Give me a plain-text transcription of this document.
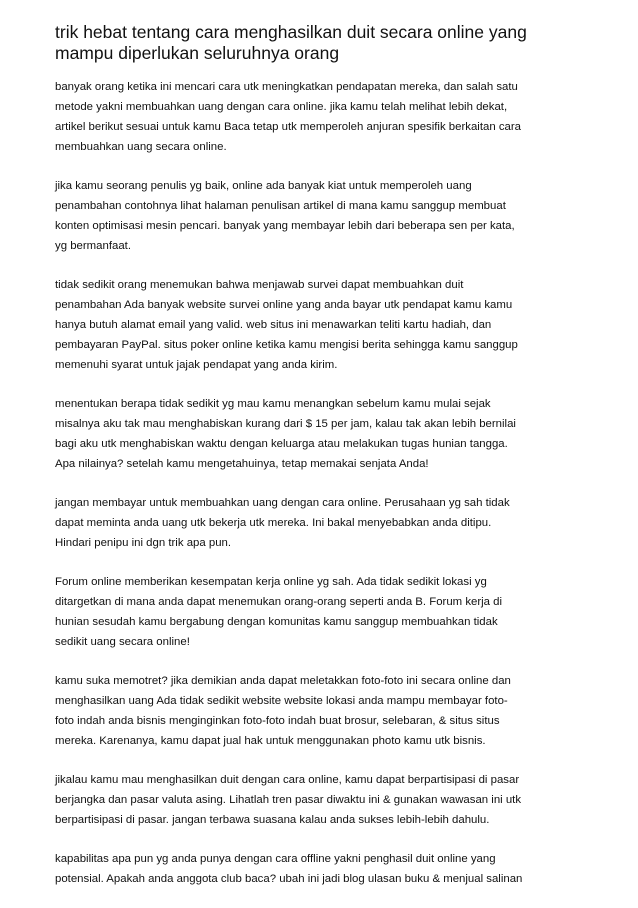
trik hebat tentang cara menghasilkan duit secara online yang
mampu diperlukan seluruhnya orang

banyak orang ketika ini mencari cara utk meningkatkan pendapatan mereka, dan salah satu
metode yakni membuahkan uang dengan cara online. jika kamu telah melihat lebih dekat,
artikel berikut sesuai untuk kamu Baca tetap utk memperoleh anjuran spesifik berkaitan cara
membuahkan uang secara online.

jika kamu seorang penulis yg baik, online ada banyak kiat untuk memperoleh uang
penambahan contohnya lihat halaman penulisan artikel di mana kamu sanggup membuat
konten optimisasi mesin pencari. banyak yang membayar lebih dari beberapa sen per kata,
yg bermanfaat.

tidak sedikit orang menemukan bahwa menjawab survei dapat membuahkan duit
penambahan Ada banyak website survei online yang anda bayar utk pendapat kamu kamu
hanya butuh alamat email yang valid. web situs ini menawarkan teliti kartu hadiah, dan
pembayaran PayPal. situs poker online ketika kamu mengisi berita sehingga kamu sanggup
memenuhi syarat untuk jajak pendapat yang anda kirim.

menentukan berapa tidak sedikit yg mau kamu menangkan sebelum kamu mulai sejak
misalnya aku tak mau menghabiskan kurang dari $ 15 per jam, kalau tak akan lebih bernilai
bagi aku utk menghabiskan waktu dengan keluarga atau melakukan tugas hunian tangga.
Apa nilainya? setelah kamu mengetahuinya, tetap memakai senjata Anda!

jangan membayar untuk membuahkan uang dengan cara online. Perusahaan yg sah tidak
dapat meminta anda uang utk bekerja utk mereka. Ini bakal menyebabkan anda ditipu.
Hindari penipu ini dgn trik apa pun.

Forum online memberikan kesempatan kerja online yg sah. Ada tidak sedikit lokasi yg
ditargetkan di mana anda dapat menemukan orang-orang seperti anda B. Forum kerja di
hunian sesudah kamu bergabung dengan komunitas kamu sanggup membuahkan tidak
sedikit uang secara online!

kamu suka memotret? jika demikian anda dapat meletakkan foto-foto ini secara online dan
menghasilkan uang Ada tidak sedikit website website lokasi anda mampu membayar foto-
foto indah anda bisnis menginginkan foto-foto indah buat brosur, selebaran, & situs situs
mereka. Karenanya, kamu dapat jual hak untuk menggunakan photo kamu utk bisnis.

jikalau kamu mau menghasilkan duit dengan cara online, kamu dapat berpartisipasi di pasar
berjangka dan pasar valuta asing. Lihatlah tren pasar diwaktu ini & gunakan wawasan ini utk
berpartisipasi di pasar. jangan terbawa suasana kalau anda sukses lebih-lebih dahulu.

kapabilitas apa pun yg anda punya dengan cara offline yakni penghasil duit online yang
potensial. Apakah anda anggota club baca? ubah ini jadi blog ulasan buku & menjual salinan
